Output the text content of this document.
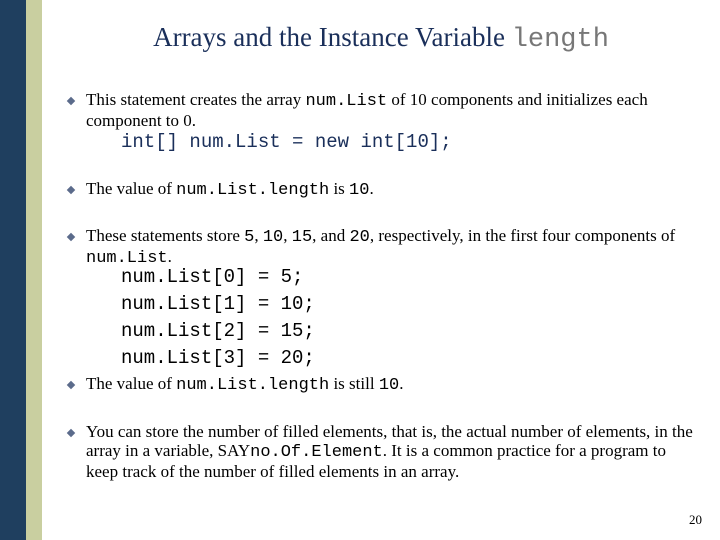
Arrays and the Instance Variable length
This statement creates the array num.List of 10 components and initializes each component to 0.
int[] num.List = new int[10];
The value of num.List.length is 10.
These statements store 5, 10, 15, and 20, respectively, in the first four components of num.List.
num.List[0] = 5;
num.List[1] = 10;
num.List[2] = 15;
num.List[3] = 20;
The value of num.List.length is still 10.
You can store the number of filled elements, that is, the actual number of elements, in the array in a variable, SAYno.Of.Element. It is a common practice for a program to keep track of the number of filled elements in an array.
20
